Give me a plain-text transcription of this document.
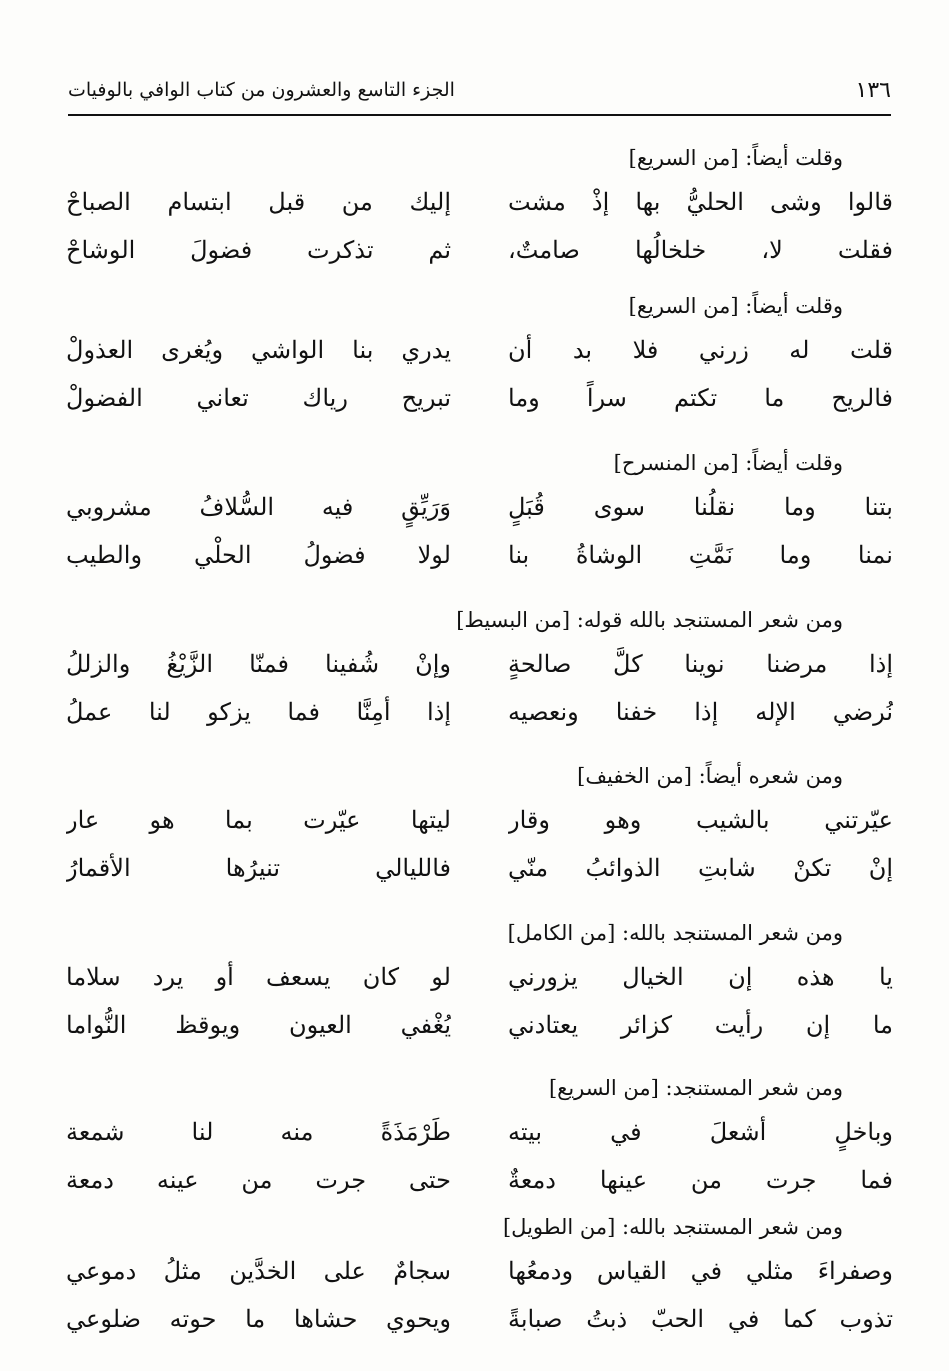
١٣٦
الجزء التاسع والعشرون من كتاب الوافي بالوفيات
وقلت أيضاً: [من السريع]
قالوا وشى الحليُّ بها إذْ مشت
إليك من قبل ابتسام الصباحْ
فقلت لا، خلخالُها صامتٌ،
ثم تذكرت فضولَ الوشاحْ
وقلت أيضاً: [من السريع]
قلت له زرني فلا بد أن
يدري بنا الواشي ويُغرى العذولْ
فالريح ما تكتم سراً وما
تبريح رياك تعاني الفضولْ
وقلت أيضاً: [من المنسرح]
بتنا وما نقلُنا سوى قُبَلٍ
وَرَيِّقٍ فيه السُّلافُ مشروبي
نمنا وما نَمَّتِ الوشاةُ بنا
لولا فضولُ الحلْي والطيب
ومن شعر المستنجد بالله قوله: [من البسيط]
إذا مرضنا نوينا كلَّ صالحةٍ
وإنْ شُفينا فمنّا الزَّيْغُ والزللُ
نُرضي الإله إذا خفنا ونعصيه
إذا أمِنَّا فما يزكو لنا عملُ
ومن شعره أيضاً: [من الخفيف]
عيّرتني بالشيب وهو وقار
ليتها عيّرت بما هو عار
إنْ تكنْ شابتِ الذوائبُ منّي
فالليالي تنيرُها الأقمارُ
ومن شعر المستنجد بالله: [من الكامل]
يا هذه إن الخيال يزورني
لو كان يسعف أو يرد سلاما
ما إن رأيت كزائر يعتادني
يُغْفي العيون ويوقظ النُّواما
ومن شعر المستنجد: [من السريع]
وباخلٍ أشعلَ في بيته
طَرْمَذَةً منه لنا شمعة
فما جرت من عينها دمعةٌ
حتى جرت من عينه دمعة
ومن شعر المستنجد بالله: [من الطويل]
وصفراءَ مثلي في القياس ودمعُها
سجامٌ على الخدَّين مثلُ دموعي
تذوب كما في الحبّ ذبتُ صبابةً
ويحوي حشاها ما حوته ضلوعي
